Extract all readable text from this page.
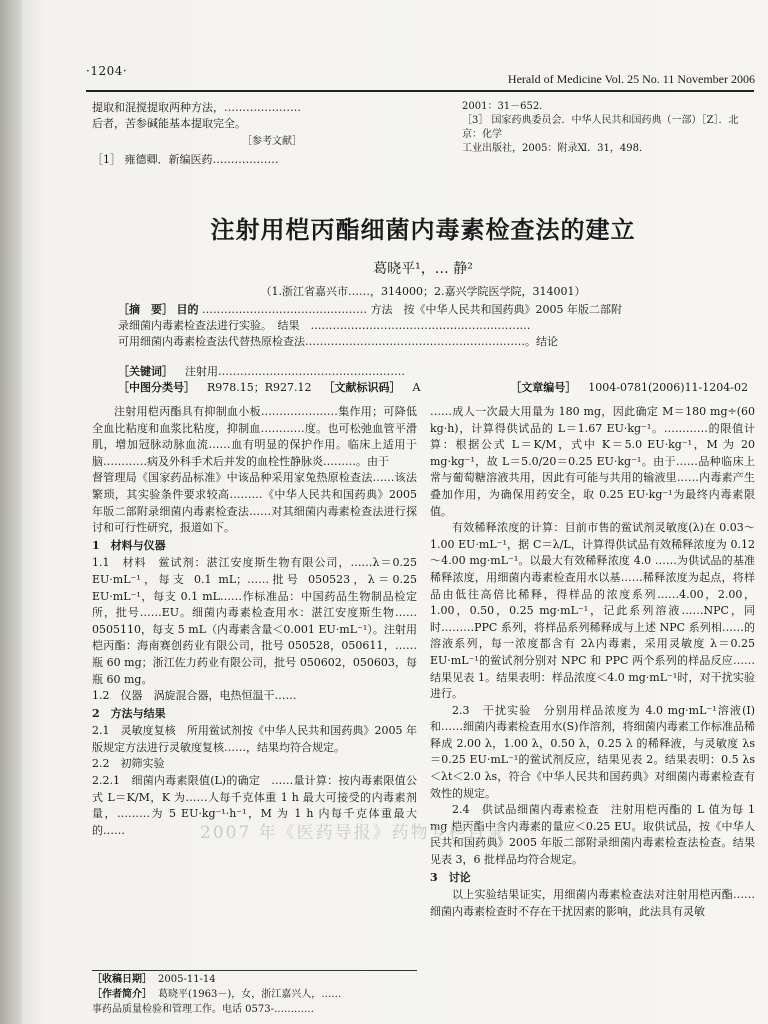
·1204·
Herald of Medicine Vol. 25 No. 11 November 2006
提取和混搅提取两种方法，…………………
后者，苦参碱能基本提取完全。
［参考文献］
［1］ 雍德卿．新编医药………………
2001：31－652．
［3］ 国家药典委员会．中华人民共和国药典（一部）［Z］．北京：化学
工业出版社，2005：附录Ⅺ．31，498．
注射用桤丙酯细菌内毒素检查法的建立
葛晓平¹，… 静²
（1.浙江省嘉兴市……，314000；2.嘉兴学院医学院，314001）
［摘　要］ 目的 ……………………………………… 方法　按《中华人民共和国药典》2005 年版二部附
录细菌内毒素检查法进行实验。　结果　……………………………………………………
可用细菌内毒素检查法代替热原检查法……………………………………………………。结论
［关键词］ 注射用……………………………………………
［中图分类号］ R978.15；R927.12 ［文献标识码］ A	［文章编号］ 1004-0781(2006)11-1204-02

注射用桤丙酯具有抑制血小板…………………集作用；可降低全血比粘度和血浆比粘度，抑制血…………度。也可松弛血管平滑肌，增加冠脉动脉血流……血有明显的保护作用。临床上适用于脑…………病及外科手术后并发的血栓性静脉炎………。由于

督管理局《国家药品标准》中该品种采用家兔热原检查法……该法繁琐，其实验条件要求较高………《中华人民共和国药典》2005 年版二部附录细菌内毒素检查法……对其细菌内毒素检查法进行探讨和可行性研究，报道如下。

1　材料与仪器

1.1　材料　鲎试剂：湛江安度斯生物有限公司，……λ＝0.25 EU·mL⁻¹，每支 0.1 mL；……批号 050523，λ＝0.25 EU·mL⁻¹，每支 0.1 mL……作标准品：中国药品生物制品检定所，批号……EU。细菌内毒素检查用水：湛江安度斯生物……0505110，每支 5 mL（内毒素含量＜0.001 EU·mL⁻¹）。注射用桤丙酯：海南赛创药业有限公司，批号 050528，050611，……瓶 60 mg；浙江佐力药业有限公司，批号 050602，050603，每瓶 60 mg。

1.2　仪器　涡旋混合器，电热恒温干……

2　方法与结果

2.1　灵敏度复核　所用鲎试剂按《中华人民共和国药典》2005 年版规定方法进行灵敏度复核……，结果均符合规定。

2.2　初筛实验

2.2.1　细菌内毒素限值(L)的确定　……量计算：按内毒素限值公式 L＝K/M，K 为……人每千克体重 1 h 最大可接受的内毒素剂量，………为 5 EU·kg⁻¹·h⁻¹，M 为 1 h 内每千克体重最大的……

……成人一次最大用量为 180 mg，因此确定 M＝180 mg÷(60 kg·h)，计算得供试品的 L＝1.67 EU·kg⁻¹。…………的限值计算：根据公式 L＝K/M，式中 K＝5.0 EU·kg⁻¹，M 为 20 mg·kg⁻¹，故 L＝5.0/20＝0.25 EU·kg⁻¹。由于……品种临床上常与葡萄糖溶液共用，因此有可能与共用的输液里……内毒素产生叠加作用，为确保用药安全，取 0.25 EU·kg⁻¹为最终内毒素限值。

有效稀释浓度的计算：目前市售的鲎试剂灵敏度(λ)在 0.03～1.00 EU·mL⁻¹，据 C＝λ/L，计算得供试品有效稀释浓度为 0.12～4.00 mg·mL⁻¹。以最大有效稀释浓度 4.0 ……为供试品的基准稀释浓度，用细菌内毒素检查用水以基……稀释浓度为起点，将样品由低往高倍比稀释，得样品的浓度系列……4.00，2.00，1.00，0.50，0.25 mg·mL⁻¹，记此系列溶液……NPC，同时………PPC 系列，将样品系列稀释成与上述 NPC 系列相……的溶液系列，每一浓度都含有 2λ内毒素，采用灵敏度 λ＝0.25 EU·mL⁻¹的鲎试剂分别对 NPC 和 PPC 两个系列的样品反应……结果见表 1。结果表明：样品浓度＜4.0 mg·mL⁻¹时，对干扰实验进行。

2.3　干扰实验　分别用样品浓度为 4.0 mg·mL⁻¹溶液(I)和……细菌内毒素检查用水(S)作溶剂，将细菌内毒素工作标准品稀释成 2.00 λ，1.00 λ，0.50 λ，0.25 λ 的稀释液，与灵敏度 λs＝0.25 EU·mL⁻¹的鲎试剂反应，结果见表 2。结果表明：0.5 λs＜λt＜2.0 λs，符合《中华人民共和国药典》对细菌内毒素检查有效性的规定。

2.4　供试品细菌内毒素检查　注射用桤丙酯的 L 值为每 1 mg 桤丙酯中含内毒素的量应＜0.25 EU。取供试品，按《中华人民共和国药典》2005 年版二部附录细菌内毒素检查法检查。结果见表 3，6 批样品均符合规定。

3　讨论

以上实验结果证实，用细菌内毒素检查法对注射用桤丙酯……细菌内毒素检查时不存在干扰因素的影响，此法具有灵敏

2007 年《医药导报》药物专栏目录
［收稿日期］ 2005-11-14
［作者简介］ 葛晓平(1963－)，女，浙江嘉兴人，……
事药品质量检验和管理工作。电话 0573-…………
